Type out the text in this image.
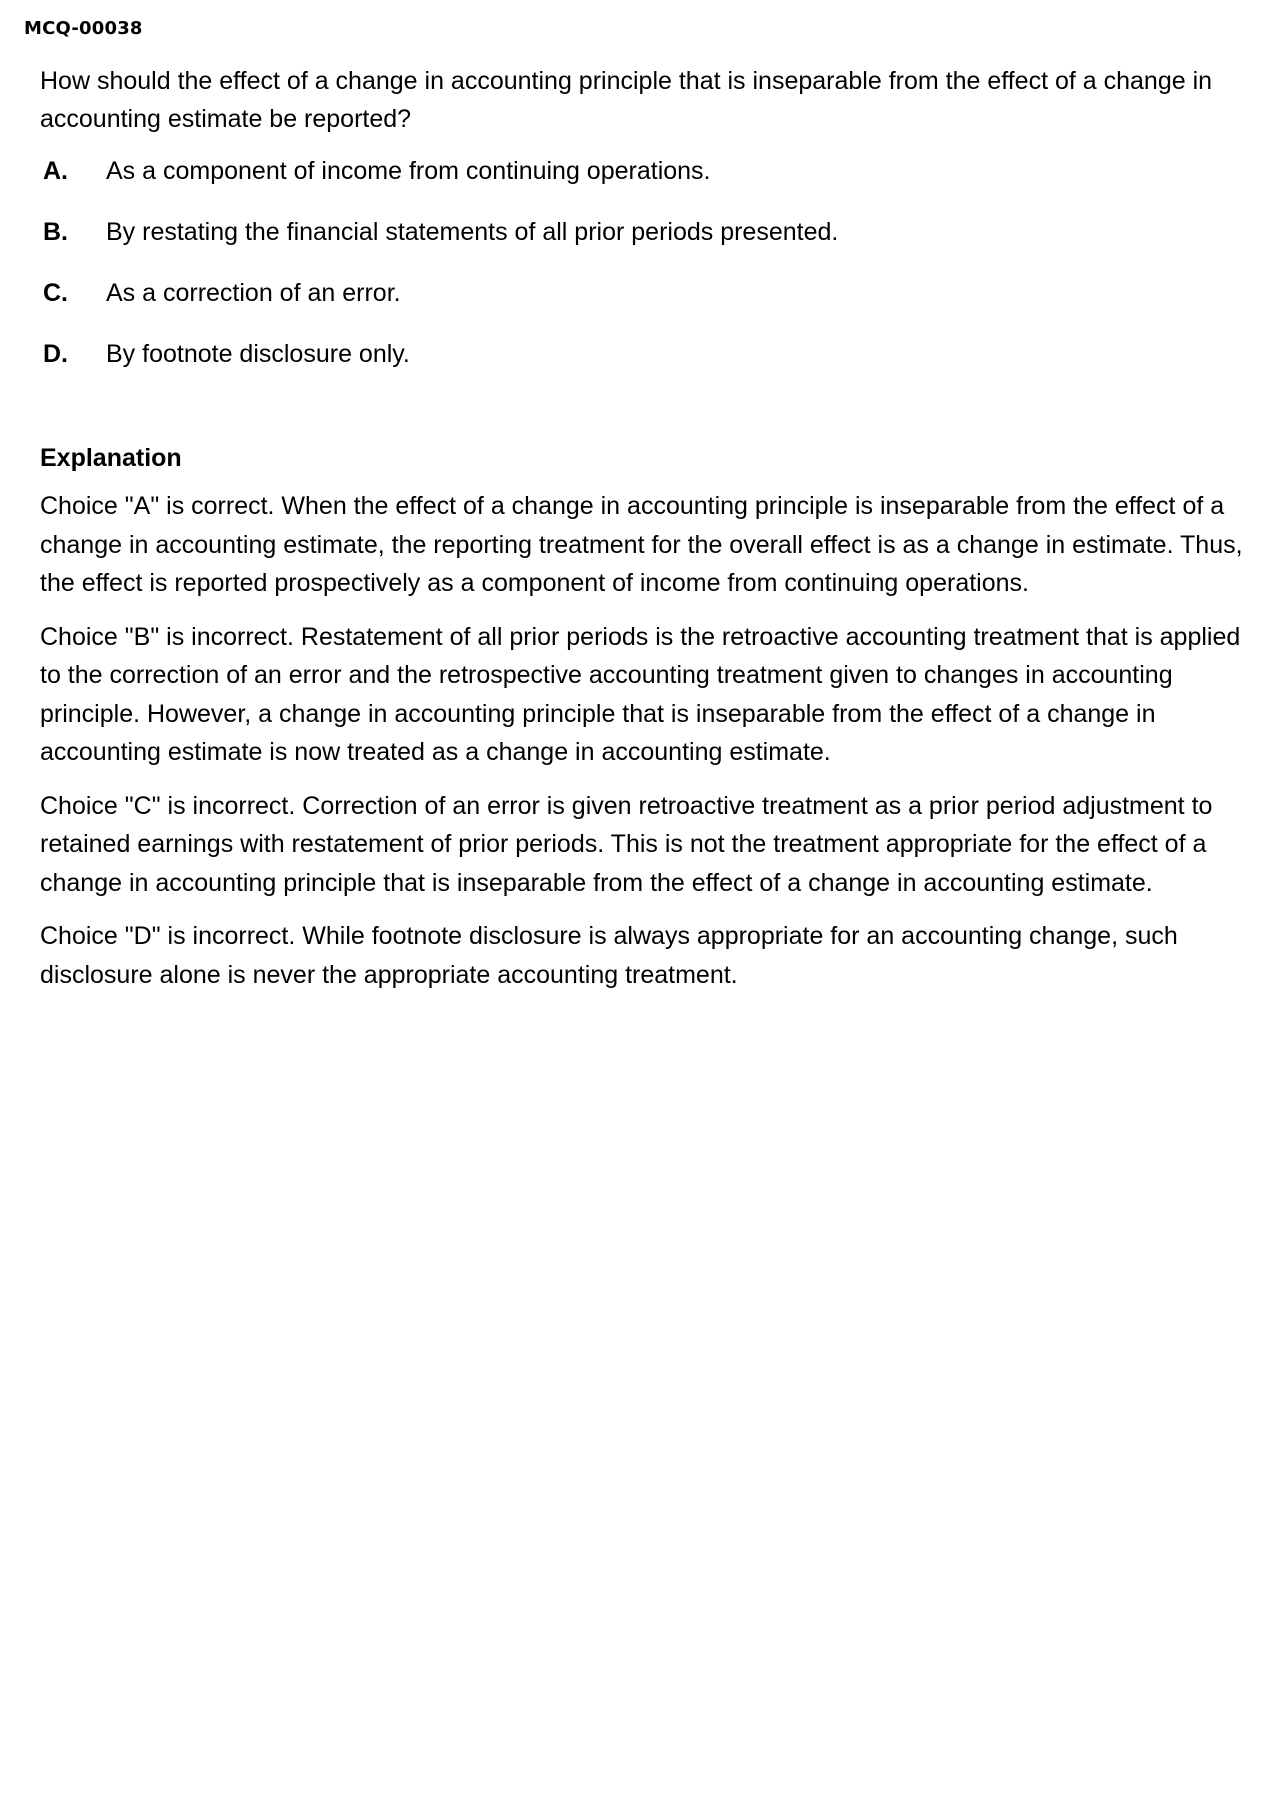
MCQ-00038

How should the effect of a change in accounting principle that is inseparable from the effect of a change in accounting estimate be reported?

A.	As a component of income from continuing operations.
B.	By restating the financial statements of all prior periods presented.
C.	As a correction of an error.
D.	By footnote disclosure only.
Explanation

Choice "A" is correct. When the effect of a change in accounting principle is inseparable from the effect of a change in accounting estimate, the reporting treatment for the overall effect is as a change in estimate. Thus, the effect is reported prospectively as a component of income from continuing operations.

Choice "B" is incorrect. Restatement of all prior periods is the retroactive accounting treatment that is applied to the correction of an error and the retrospective accounting treatment given to changes in accounting principle. However, a change in accounting principle that is inseparable from the effect of a change in accounting estimate is now treated as a change in accounting estimate.

Choice "C" is incorrect. Correction of an error is given retroactive treatment as a prior period adjustment to retained earnings with restatement of prior periods. This is not the treatment appropriate for the effect of a change in accounting principle that is inseparable from the effect of a change in accounting estimate.

Choice "D" is incorrect. While footnote disclosure is always appropriate for an accounting change, such disclosure alone is never the appropriate accounting treatment.
